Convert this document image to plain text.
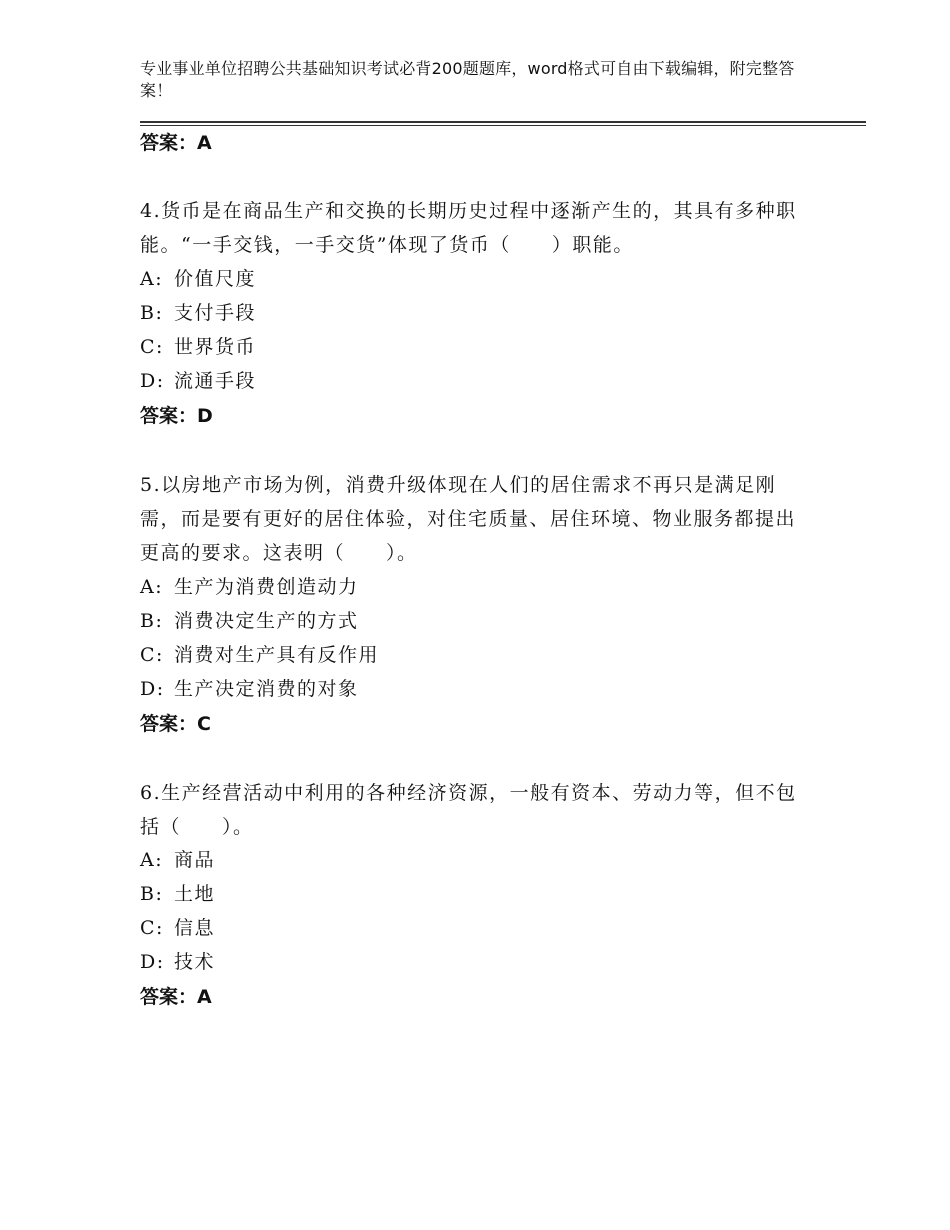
专业事业单位招聘公共基础知识考试必背200题题库，word格式可自由下载编辑，附完整答案！
答案：A
4.货币是在商品生产和交换的长期历史过程中逐渐产生的，其具有多种职能。“一手交钱，一手交货”体现了货币（　　）职能。
A: 价值尺度
B: 支付手段
C: 世界货币
D: 流通手段
答案：D
5.以房地产市场为例，消费升级体现在人们的居住需求不再只是满足刚需，而是要有更好的居住体验，对住宅质量、居住环境、物业服务都提出更高的要求。这表明（　　）。
A: 生产为消费创造动力
B: 消费决定生产的方式
C: 消费对生产具有反作用
D: 生产决定消费的对象
答案：C
6.生产经营活动中利用的各种经济资源，一般有资本、劳动力等，但不包括（　　）。
A: 商品
B: 土地
C: 信息
D: 技术
答案：A
